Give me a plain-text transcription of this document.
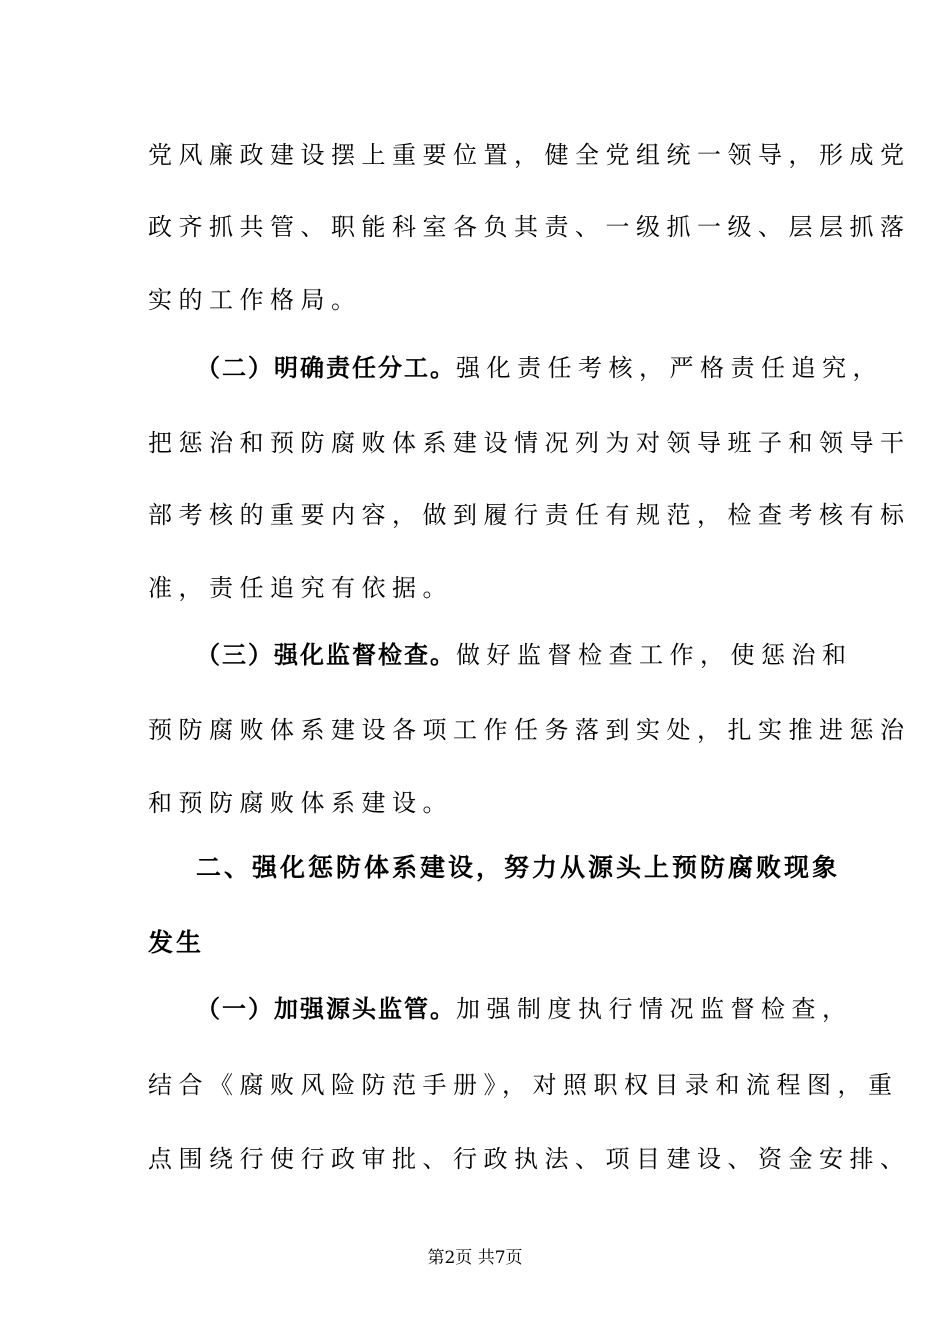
党风廉政建设摆上重要位置，健全党组统一领导，形成党
政齐抓共管、职能科室各负其责、一级抓一级、层层抓落
实的工作格局。
（二）明确责任分工。强化责任考核，严格责任追究，
把惩治和预防腐败体系建设情况列为对领导班子和领导干
部考核的重要内容，做到履行责任有规范，检查考核有标
准，责任追究有依据。
（三）强化监督检查。做好监督检查工作，使惩治和
预防腐败体系建设各项工作任务落到实处，扎实推进惩治
和预防腐败体系建设。
二、强化惩防体系建设，努力从源头上预防腐败现象
发生
（一）加强源头监管。加强制度执行情况监督检查，
结合《腐败风险防范手册》，对照职权目录和流程图，重
点围绕行使行政审批、行政执法、项目建设、资金安排、
第2页 共7页
